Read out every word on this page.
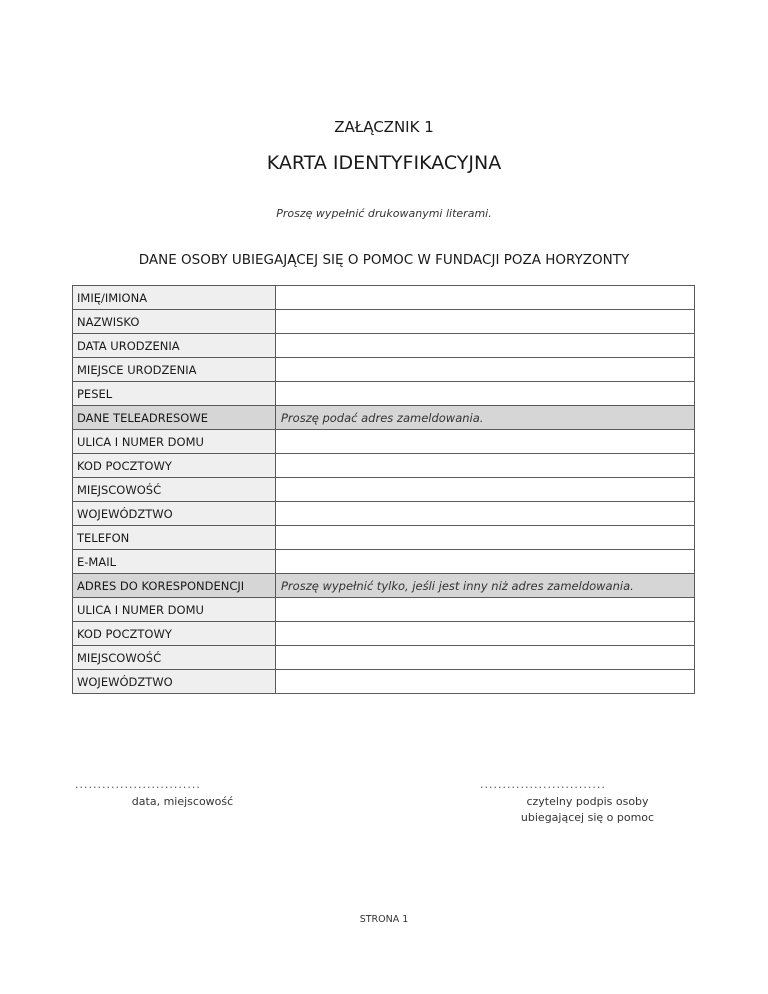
ZAŁĄCZNIK 1
KARTA IDENTYFIKACYJNA
Proszę wypełnić drukowanymi literami.
DANE OSOBY UBIEGAJĄCEJ SIĘ O POMOC W FUNDACJI POZA HORYZONTY
IMIĘ/IMIONA	
NAZWISKO	
DATA URODZENIA	
MIEJSCE URODZENIA	
PESEL	
DANE TELEADRESOWE	Proszę podać adres zameldowania.
ULICA I NUMER DOMU	
KOD POCZTOWY	
MIEJSCOWOŚĆ	
WOJEWÓDZTWO	
TELEFON	
E-MAIL	
ADRES DO KORESPONDENCJI	Proszę wypełnić tylko, jeśli jest inny niż adres zameldowania.
ULICA I NUMER DOMU	
KOD POCZTOWY	
MIEJSCOWOŚĆ	
WOJEWÓDZTWO	
............................	............................
data, miejscowość	czytelny podpis osoby
ubiegającej się o pomoc
STRONA 1
